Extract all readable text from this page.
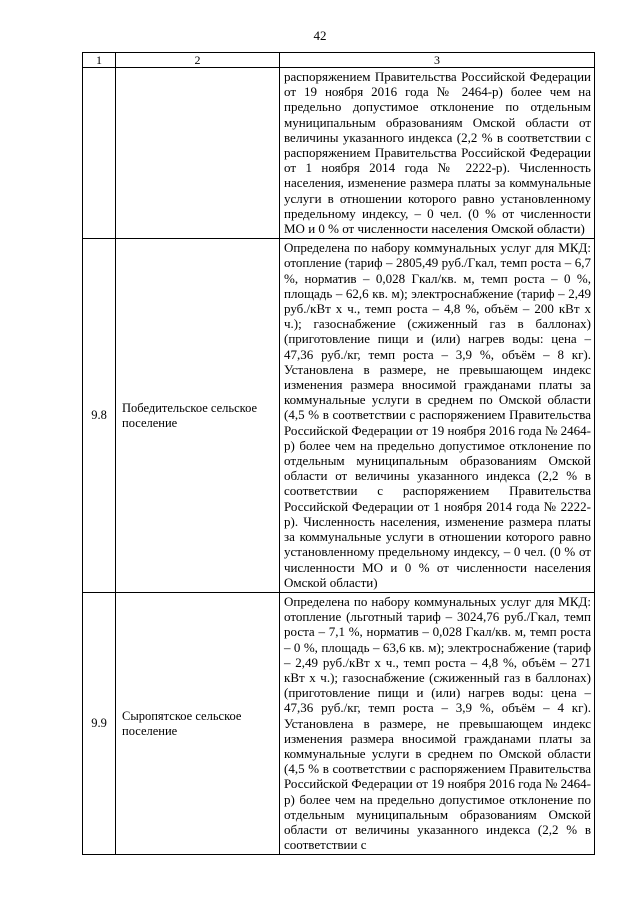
42
1	2	3

		распоряжением Правительства Российской Федерации от 19 ноября 2016 года № 2464-р) более чем на предельно допустимое отклонение по отдельным муниципальным образованиям Омской области от величины указанного индекса (2,2 % в соответствии с распоряжением Правительства Российской Федерации от 1 ноября 2014 года № 2222-р). Численность населения, изменение размера платы за коммунальные услуги в отношении которого равно установленному предельному индексу, – 0 чел. (0 % от численности МО и 0 % от численности населения Омской области)

9.8	Победительское сельское поселение	Определена по набору коммунальных услуг для МКД: отопление (тариф – 2805,49 руб./Гкал, темп роста – 6,7 %, норматив – 0,028 Гкал/кв. м, темп роста – 0 %, площадь – 62,6 кв. м); электроснабжение (тариф – 2,49 руб./кВт х ч., темп роста – 4,8 %, объём – 200 кВт х ч.); газоснабжение (сжиженный газ в баллонах) (приготовление пищи и (или) нагрев воды: цена – 47,36 руб./кг, темп роста – 3,9 %, объём – 8 кг). Установлена в размере, не превышающем индекс изменения размера вносимой гражданами платы за коммунальные услуги в среднем по Омской области (4,5 % в соответствии с распоряжением Правительства Российской Федерации от 19 ноября 2016 года № 2464-р) более чем на предельно допустимое отклонение по отдельным муниципальным образованиям Омской области от величины указанного индекса (2,2 % в соответствии с распоряжением Правительства Российской Федерации от 1 ноября 2014 года № 2222-р). Численность населения, изменение размера платы за коммунальные услуги в отношении которого равно установленному предельному индексу, – 0 чел. (0 % от численности МО и 0 % от численности населения Омской области)

9.9	Сыропятское сельское поселение	Определена по набору коммунальных услуг для МКД: отопление (льготный тариф – 3024,76 руб./Гкал, темп роста – 7,1 %, норматив – 0,028 Гкал/кв. м, темп роста – 0 %, площадь – 63,6 кв. м); электроснабжение (тариф – 2,49 руб./кВт х ч., темп роста – 4,8 %, объём – 271 кВт х ч.); газоснабжение (сжиженный газ в баллонах) (приготовление пищи и (или) нагрев воды: цена – 47,36 руб./кг, темп роста – 3,9 %, объём – 4 кг). Установлена в размере, не превышающем индекс изменения размера вносимой гражданами платы за коммунальные услуги в среднем по Омской области (4,5 % в соответствии с распоряжением Правительства Российской Федерации от 19 ноября 2016 года № 2464-р) более чем на предельно допустимое отклонение по отдельным муниципальным образованиям Омской области от величины указанного индекса (2,2 % в соответствии с
